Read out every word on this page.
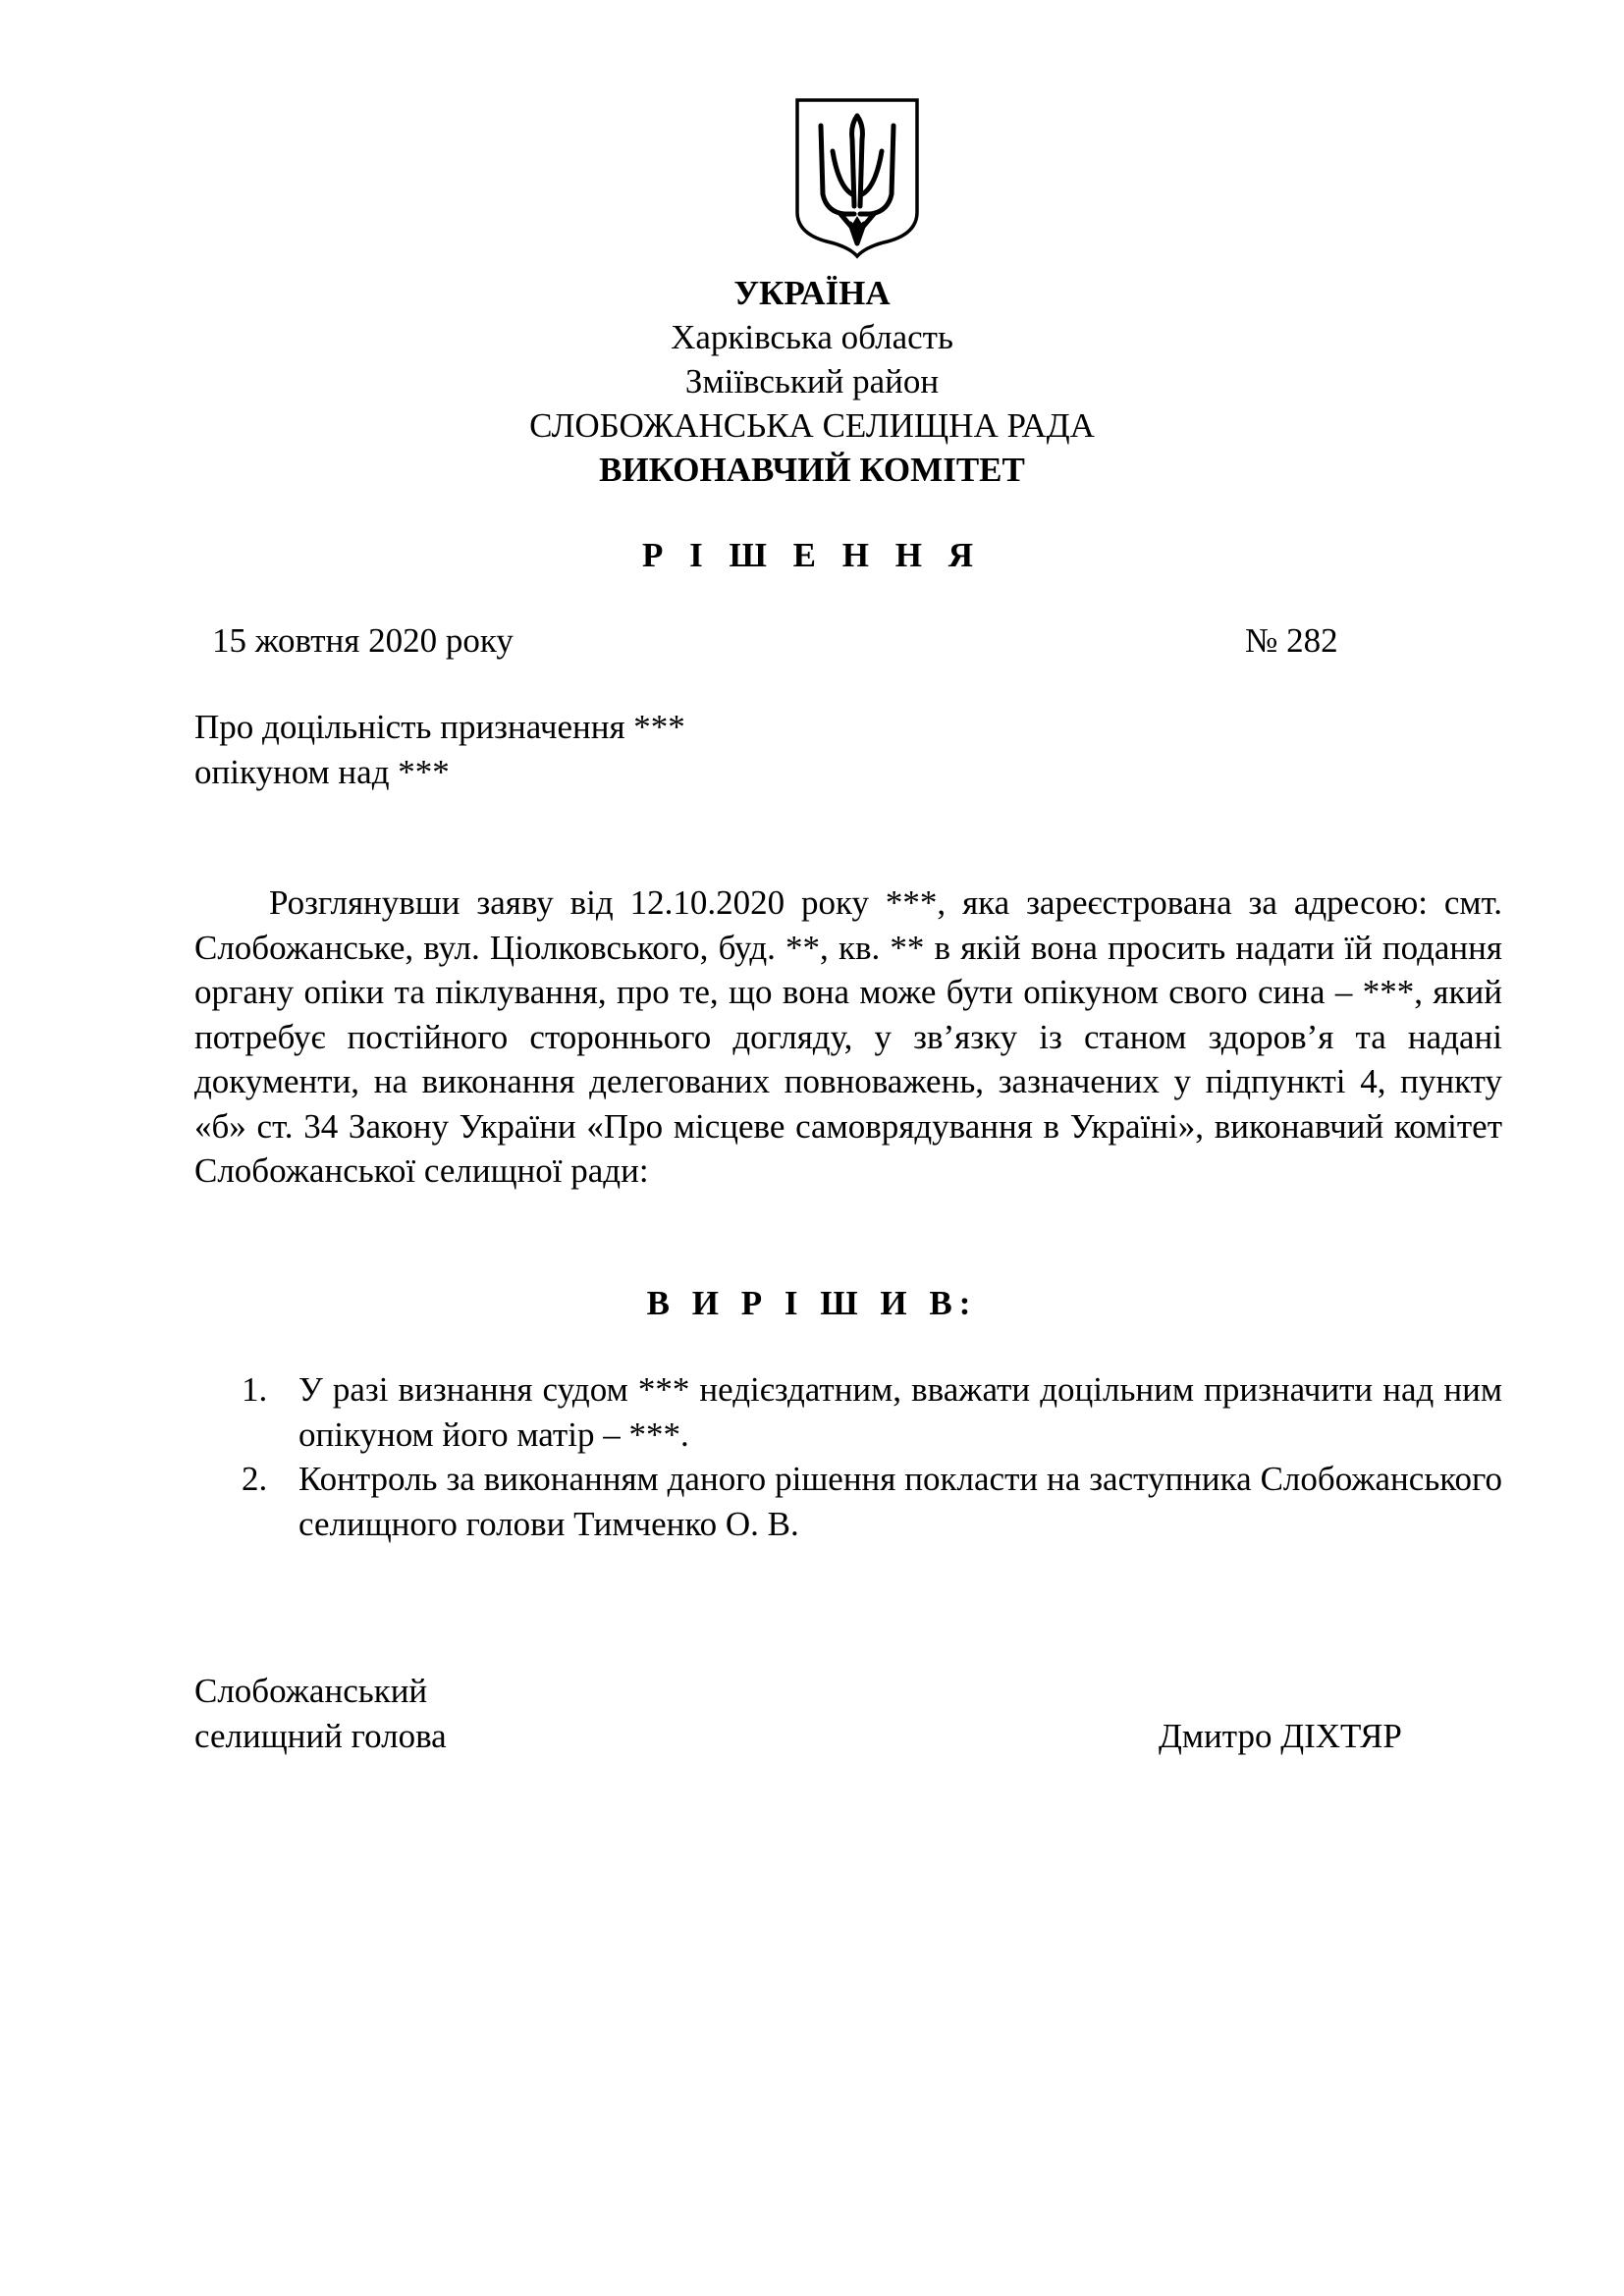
УКРАЇНА
Харківська область
Зміївський район
СЛОБОЖАНСЬКА СЕЛИЩНА РАДА
ВИКОНАВЧИЙ КОМІТЕТ
Р І Ш Е Н Н Я
15 жовтня 2020 року	№ 282
Про доцільність призначення ***
опікуном над ***

Розглянувши заяву від 12.10.2020 року ***, яка зареєстрована за адресою: смт. Слобожанське, вул. Ціолковського, буд. **, кв. ** в якій вона просить надати їй подання органу опіки та піклування, про те, що вона може бути опікуном свого сина – ***, який потребує постійного стороннього догляду, у зв’язку із станом здоров’я та надані документи, на виконання делегованих повноважень, зазначених у підпункті 4, пункту «б» ст. 34 Закону України «Про місцеве самоврядування в Україні», виконавчий комітет Слобожанської селищної ради:

В И Р І Ш И В:
1. У разі визнання судом *** недієздатним, вважати доцільним призначити над ним опікуном його матір – ***.
2. Контроль за виконанням даного рішення покласти на заступника Слобожанського селищного голови Тимченко О. В.
Слобожанський
селищний голова	Дмитро ДІХТЯР
